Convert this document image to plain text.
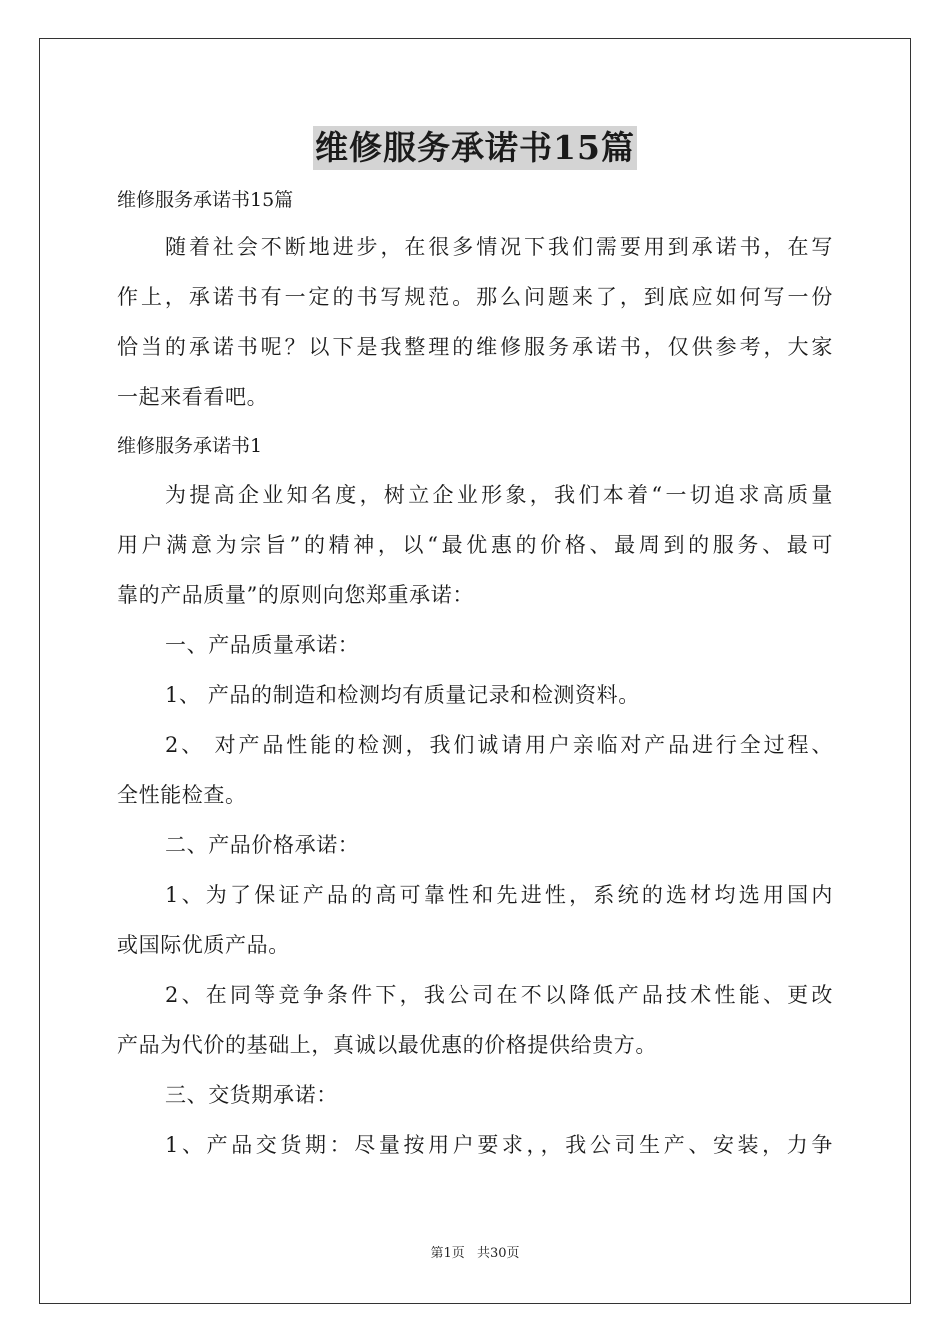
维修服务承诺书15篇

维修服务承诺书15篇

随着社会不断地进步，在很多情况下我们需要用到承诺书，在写

作上，承诺书有一定的书写规范。那么问题来了，到底应如何写一份

恰当的承诺书呢？以下是我整理的维修服务承诺书，仅供参考，大家

一起来看看吧。

维修服务承诺书1

为提高企业知名度，树立企业形象，我们本着“一切追求高质量

用户满意为宗旨”的精神，以“最优惠的价格、最周到的服务、最可

靠的产品质量”的原则向您郑重承诺：

一、产品质量承诺：

1、 产品的制造和检测均有质量记录和检测资料。

2、 对产品性能的检测，我们诚请用户亲临对产品进行全过程、

全性能检查。

二、产品价格承诺：

1、为了保证产品的高可靠性和先进性，系统的选材均选用国内

或国际优质产品。

2、在同等竞争条件下，我公司在不以降低产品技术性能、更改

产品为代价的基础上，真诚以最优惠的价格提供给贵方。

三、交货期承诺：

1、产品交货期：尽量按用户要求，，我公司生产、安装，力争

第1页 共30页
